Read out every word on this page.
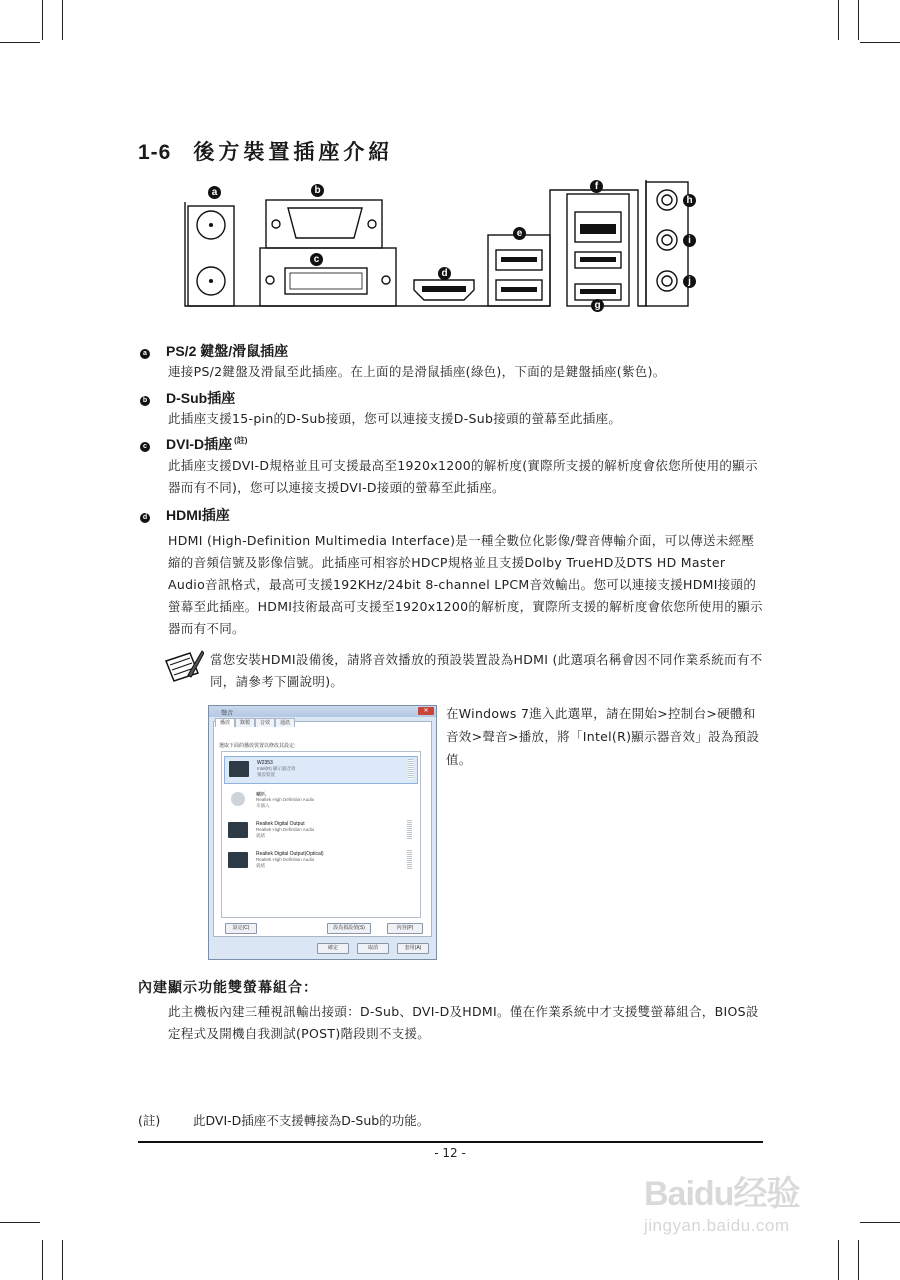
1-6 後方裝置插座介紹
a	b
c
d
e
f
g
h
i
j
a PS/2 鍵盤/滑鼠插座
連接PS/2鍵盤及滑鼠至此插座。在上面的是滑鼠插座(綠色)，下面的是鍵盤插座(紫色)。
b D-Sub插座
此插座支援15-pin的D-Sub接頭，您可以連接支援D-Sub接頭的螢幕至此插座。
c DVI-D插座 $^{(註)}$
此插座支援DVI-D規格並且可支援最高至1920x1200的解析度(實際所支援的解析度會依您所使用的顯示器而有不同)，您可以連接支援DVI-D接頭的螢幕至此插座。
d HDMI插座
HDMI (High-Definition Multimedia Interface)是一種全數位化影像/聲音傳輸介面，可以傳送未經壓縮的音頻信號及影像信號。此插座可相容於HDCP規格並且支援Dolby TrueHD及DTS HD Master Audio音訊格式，最高可支援192KHz/24bit 8-channel LPCM音效輸出。您可以連接支援HDMI接頭的螢幕至此插座。HDMI技術最高可支援至1920x1200的解析度，實際所支援的解析度會依您所使用的顯示器而有不同。
當您安裝HDMI設備後，請將音效播放的預設裝置設為HDMI (此選項名稱會因不同作業系統而有不同，請參考下圖說明)。
聲音	✕
播放	錄製	音效	通訊
選取下面的播放裝置以修改其設定:
W2353
Intel(R) 顯示器音效
預設裝置
喇叭
Realtek High Definition Audio
未插入
Realtek Digital Output
Realtek High Definition Audio
就緒
Realtek Digital Output(Optical)
Realtek High Definition Audio
就緒
設定(C)	設為預設值(S)	內容(P)
確定	取消	套用(A)
在Windows 7進入此選單，請在開始>控制台>硬體和音效>聲音>播放，將「Intel(R)顯示器音效」設為預設值。
內建顯示功能雙螢幕組合：
此主機板內建三種視訊輸出接頭：D-Sub、DVI-D及HDMI。僅在作業系統中才支援雙螢幕組合，BIOS設定程式及開機自我測試(POST)階段則不支援。
(註)	此DVI-D插座不支援轉接為D-Sub的功能。
- 12 -
Baidu经验
jingyan.baidu.com
